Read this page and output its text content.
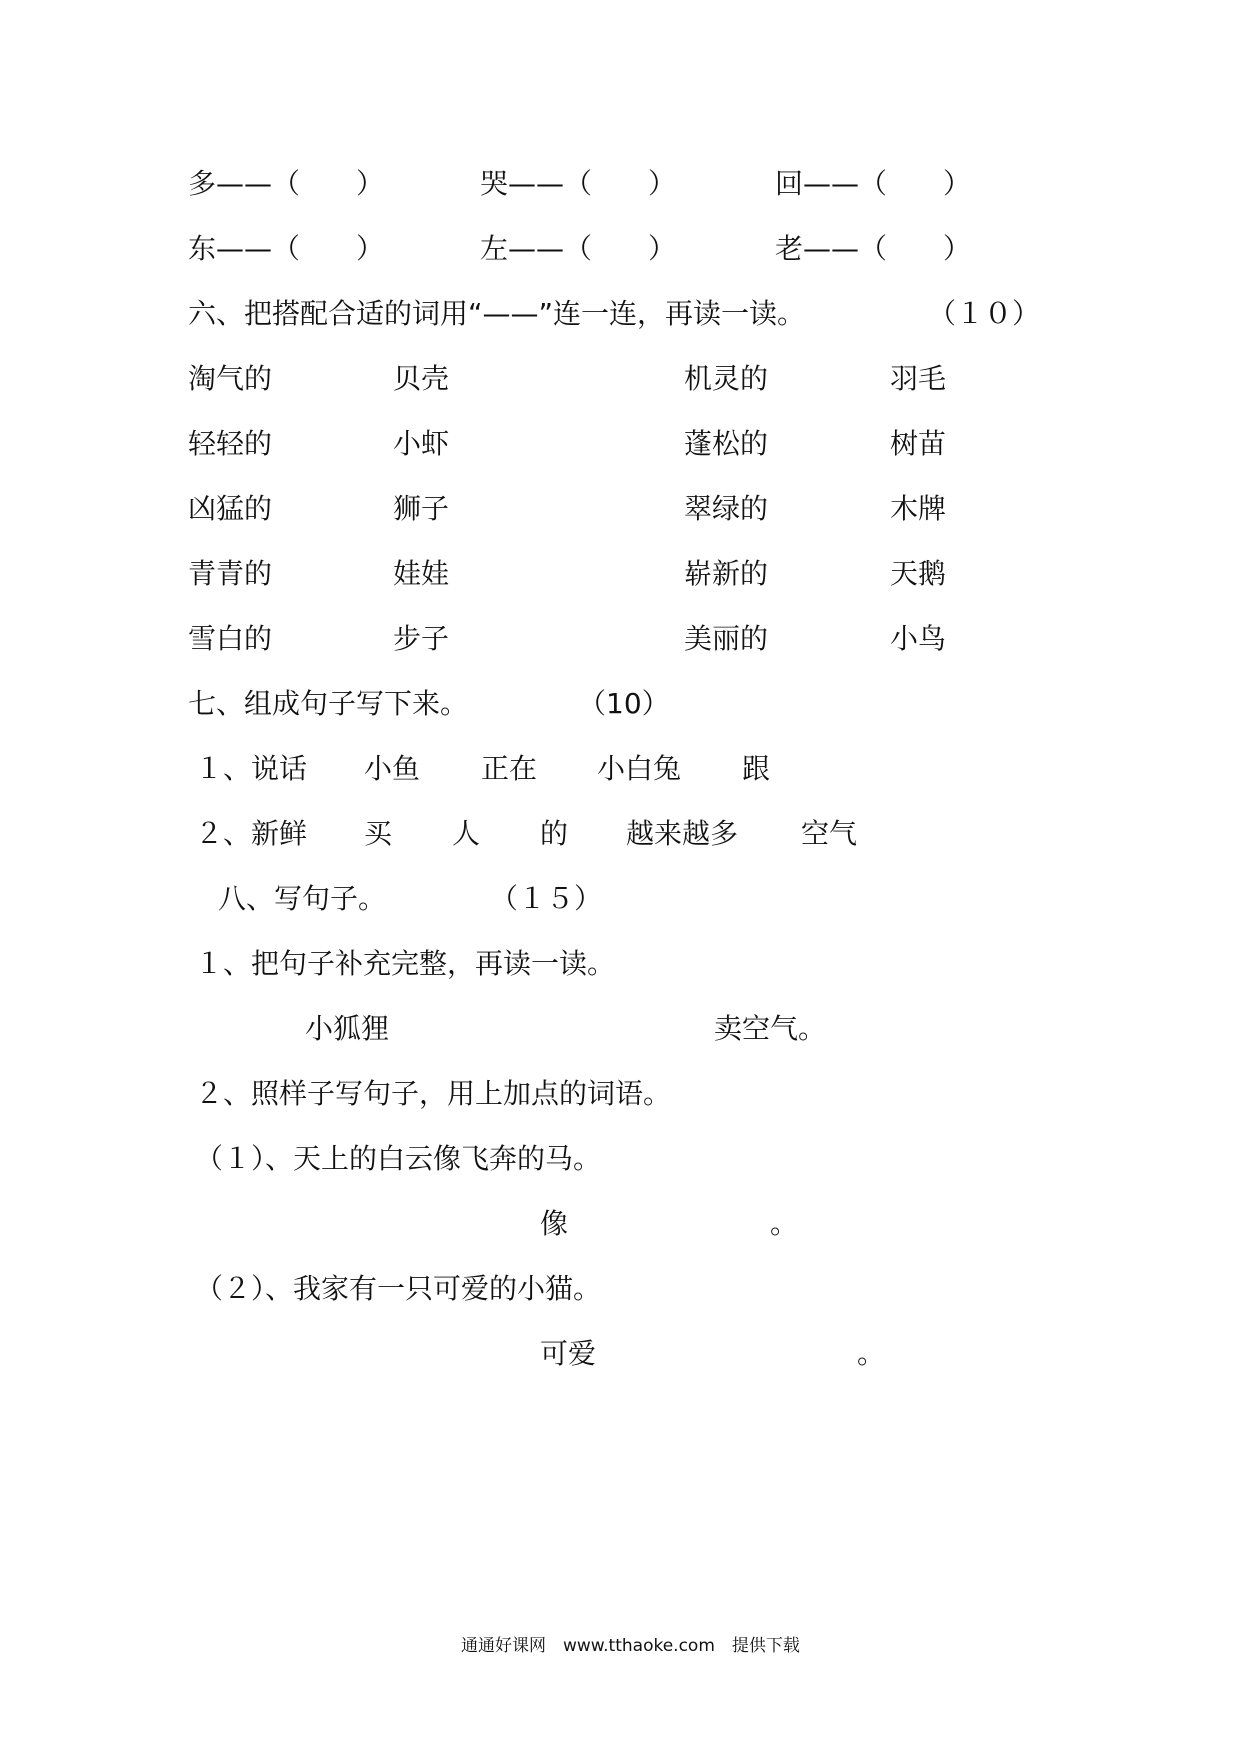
多——（　　）	哭——（　　）	回——（　　）
东——（　　）	左——（　　）	老——（　　）
六、把搭配合适的词用“——”连一连，再读一读。	（１０）
淘气的	贝壳	机灵的	羽毛
轻轻的	小虾	蓬松的	树苗
凶猛的	狮子	翠绿的	木牌
青青的	娃娃	崭新的	天鹅
雪白的	步子	美丽的	小鸟
七、组成句子写下来。	（10）
１、说话 小鱼 正在 小白兔 跟
２、新鲜 买 人 的 越来越多 空气
八、写句子。	（１５）
１、把句子补充完整，再读一读。
小狐狸	卖空气。
２、照样子写句子，用上加点的词语。
（１）、天上的白云像飞奔的马。
像	。
（２）、我家有一只可爱的小猫。
可爱	。
通通好课网　www.tthaoke.com　提供下载
